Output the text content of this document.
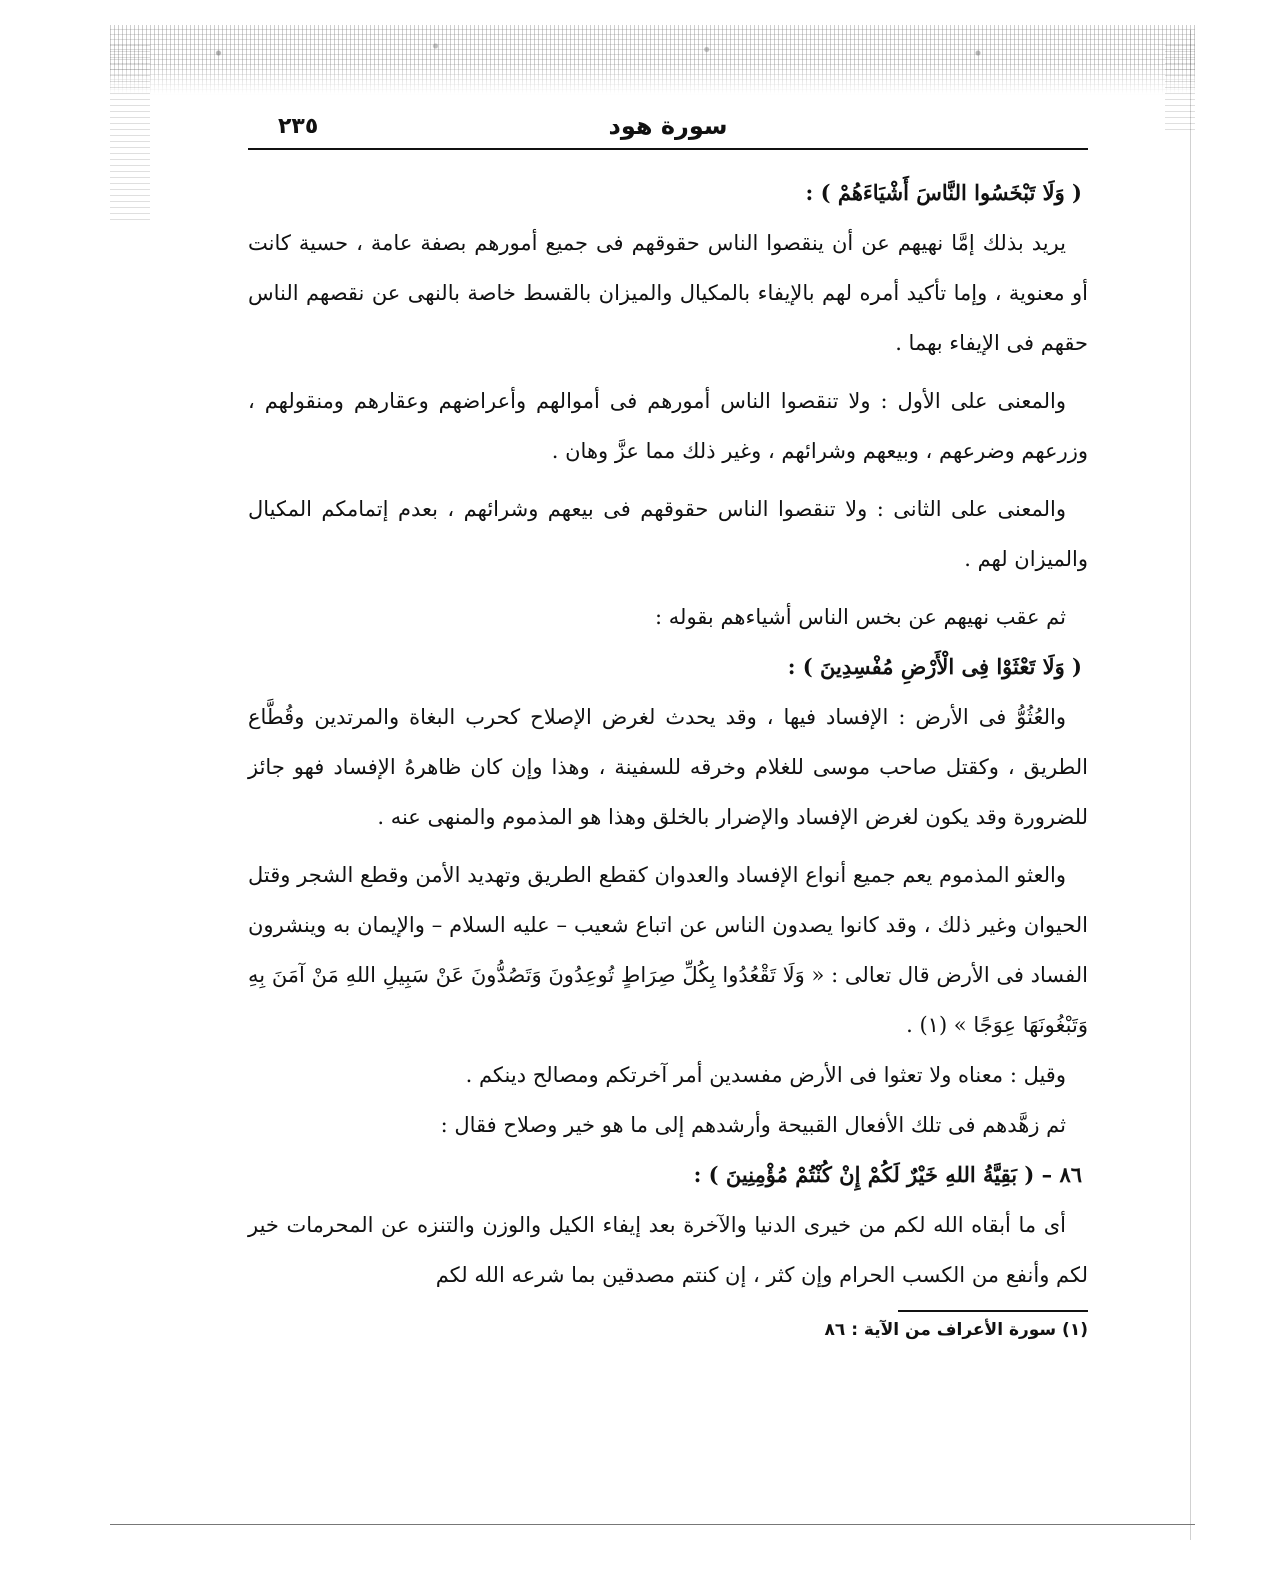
سورة هود
٢٣٥

( وَلَا تَبْخَسُوا النَّاسَ أَشْيَاءَهُمْ ) :

يريد بذلك إمَّا نهيهم عن أن ينقصوا الناس حقوقهم فى جميع أمورهم بصفة عامة ، حسية كانت أو معنوية ، وإما تأكيد أمره لهم بالإيفاء بالمكيال والميزان بالقسط خاصة بالنهى عن نقصهم الناس حقهم فى الإيفاء بهما .

والمعنى على الأول : ولا تنقصوا الناس أمورهم فى أموالهم وأعراضهم وعقارهم ومنقولهم ، وزرعهم وضرعهم ، وبيعهم وشرائهم ، وغير ذلك مما عزَّ وهان .

والمعنى على الثانى : ولا تنقصوا الناس حقوقهم فى بيعهم وشرائهم ، بعدم إتمامكم المكيال والميزان لهم .

ثم عقب نهيهم عن بخس الناس أشياءهم بقوله :

( وَلَا تَعْثَوْا فِى الْأَرْضِ مُفْسِدِينَ ) :

والعُثُوُّ فى الأرض : الإفساد فيها ، وقد يحدث لغرض الإصلاح كحرب البغاة والمرتدين وقُطَّاع الطريق ، وكقتل صاحب موسى للغلام وخرقه للسفينة ، وهذا وإن كان ظاهرهُ الإفساد فهو جائز للضرورة وقد يكون لغرض الإفساد والإضرار بالخلق وهذا هو المذموم والمنهى عنه .

والعثو المذموم يعم جميع أنواع الإفساد والعدوان كقطع الطريق وتهديد الأمن وقطع الشجر وقتل الحيوان وغير ذلك ، وقد كانوا يصدون الناس عن اتباع شعيب – عليه السلام – والإيمان به وينشرون الفساد فى الأرض قال تعالى : « وَلَا تَقْعُدُوا بِكُلِّ صِرَاطٍ تُوعِدُونَ وَتَصُدُّونَ عَنْ سَبِيلِ اللهِ مَنْ آمَنَ بِهِ وَتَبْغُونَهَا عِوَجًا » (١) .

وقيل : معناه ولا تعثوا فى الأرض مفسدين أمر آخرتكم ومصالح دينكم .

ثم زهَّدهم فى تلك الأفعال القبيحة وأرشدهم إلى ما هو خير وصلاح فقال :

٨٦ – ( بَقِيَّةُ اللهِ خَيْرٌ لَكُمْ إِنْ كُنْتُمْ مُؤْمِنِينَ ) :

أى ما أبقاه الله لكم من خيرى الدنيا والآخرة بعد إيفاء الكيل والوزن والتنزه عن المحرمات خير لكم وأنفع من الكسب الحرام وإن كثر ، إن كنتم مصدقين بما شرعه الله لكم

(١) سورة الأعراف من الآية : ٨٦
